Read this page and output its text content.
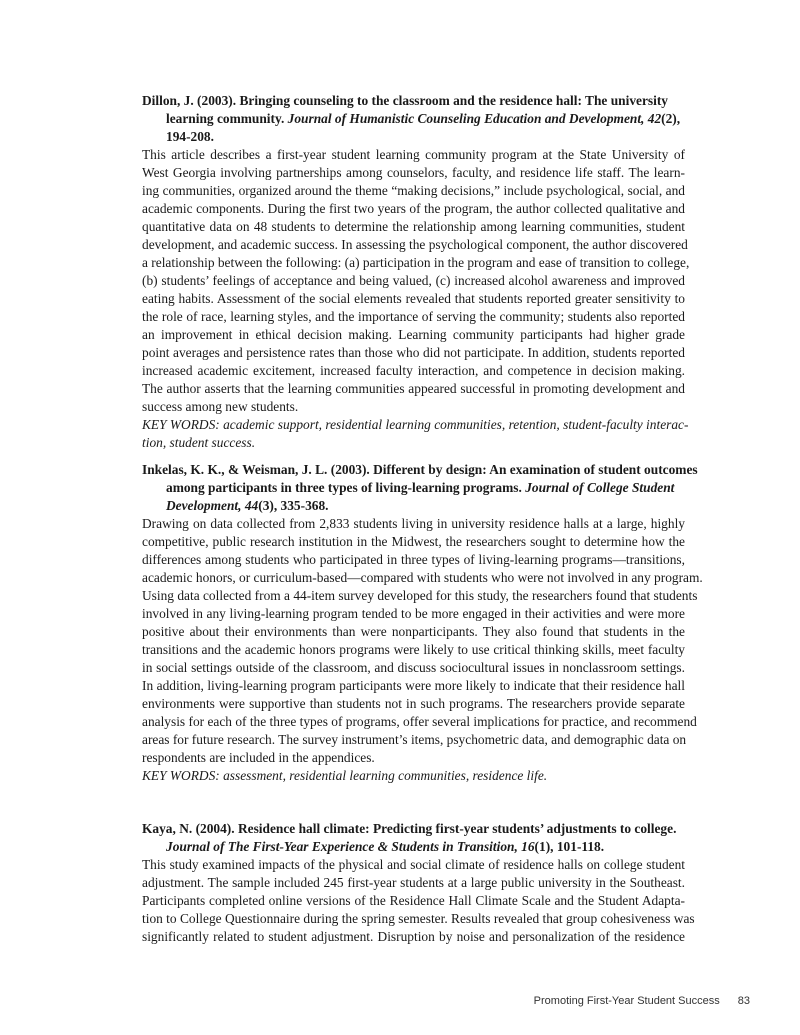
Dillon, J. (2003). Bringing counseling to the classroom and the residence hall: The university
learning community. Journal of Humanistic Counseling Education and Development, 42(2),
194-208.
This article describes a first-year student learning community program at the State University of
West Georgia involving partnerships among counselors, faculty, and residence life staff. The learn-
ing communities, organized around the theme “making decisions,” include psychological, social, and
academic components. During the first two years of the program, the author collected qualitative and
quantitative data on 48 students to determine the relationship among learning communities, student
development, and academic success. In assessing the psychological component, the author discovered
a relationship between the following: (a) participation in the program and ease of transition to college,
(b) students’ feelings of acceptance and being valued, (c) increased alcohol awareness and improved
eating habits. Assessment of the social elements revealed that students reported greater sensitivity to
the role of race, learning styles, and the importance of serving the community; students also reported
an improvement in ethical decision making. Learning community participants had higher grade
point averages and persistence rates than those who did not participate. In addition, students reported
increased academic excitement, increased faculty interaction, and competence in decision making.
The author asserts that the learning communities appeared successful in promoting development and
success among new students.
KEY WORDS: academic support, residential learning communities, retention, student-faculty interac-
tion, student success.
Inkelas, K. K., & Weisman, J. L. (2003). Different by design: An examination of student outcomes
among participants in three types of living-learning programs. Journal of College Student
Development, 44(3), 335-368.
Drawing on data collected from 2,833 students living in university residence halls at a large, highly
competitive, public research institution in the Midwest, the researchers sought to determine how the
differences among students who participated in three types of living-learning programs—transitions,
academic honors, or curriculum-based—compared with students who were not involved in any program.
Using data collected from a 44-item survey developed for this study, the researchers found that students
involved in any living-learning program tended to be more engaged in their activities and were more
positive about their environments than were nonparticipants. They also found that students in the
transitions and the academic honors programs were likely to use critical thinking skills, meet faculty
in social settings outside of the classroom, and discuss sociocultural issues in nonclassroom settings.
In addition, living-learning program participants were more likely to indicate that their residence hall
environments were supportive than students not in such programs. The researchers provide separate
analysis for each of the three types of programs, offer several implications for practice, and recommend
areas for future research. The survey instrument’s items, psychometric data, and demographic data on
respondents are included in the appendices.
KEY WORDS: assessment, residential learning communities, residence life.
Kaya, N. (2004). Residence hall climate: Predicting first-year students’ adjustments to college.
Journal of The First-Year Experience & Students in Transition, 16(1), 101-118.
This study examined impacts of the physical and social climate of residence halls on college student
adjustment. The sample included 245 first-year students at a large public university in the Southeast.
Participants completed online versions of the Residence Hall Climate Scale and the Student Adapta-
tion to College Questionnaire during the spring semester. Results revealed that group cohesiveness was
significantly related to student adjustment. Disruption by noise and personalization of the residence
Promoting First-Year Student Success 83
